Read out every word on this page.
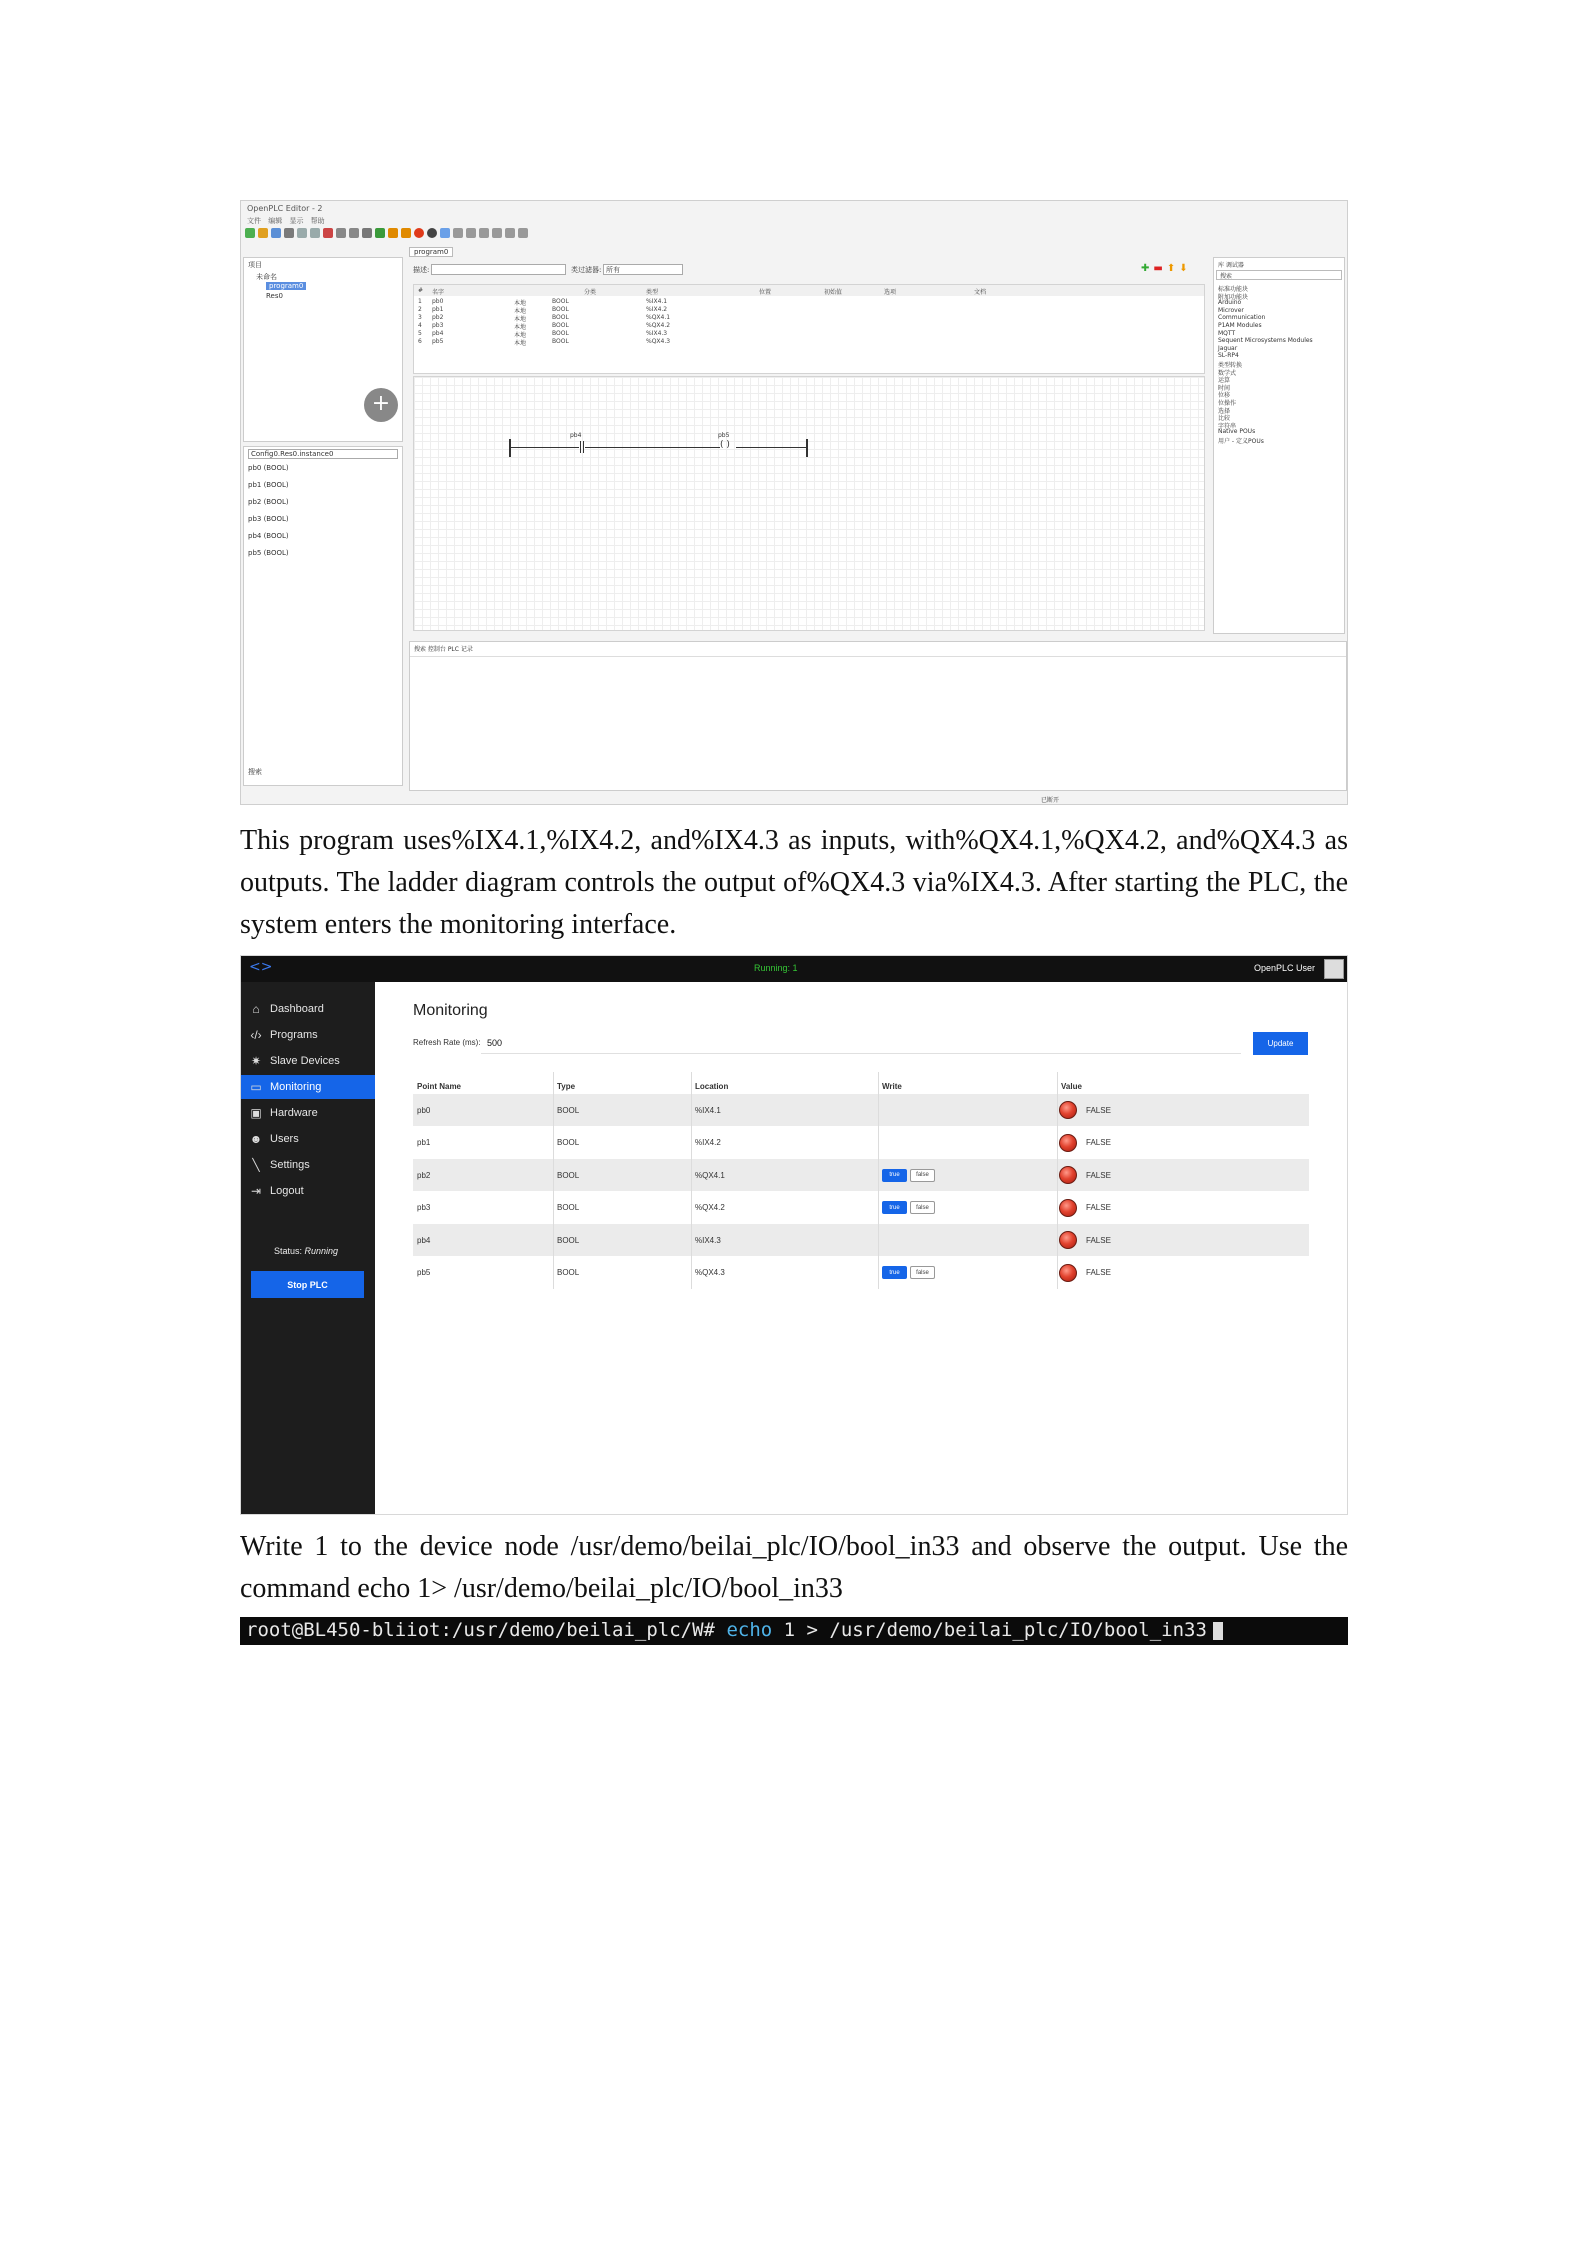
OpenPLC Editor - 2
文件 编辑 显示 帮助
项目
未命名
program0
Res0
+
Config0.Res0.instance0
pb0 (BOOL)
pb1 (BOOL)
pb2 (BOOL)
pb3 (BOOL)
pb4 (BOOL)
pb5 (BOOL)
搜索
program0
描述:	类过滤器: 所有	✚▬⬆⬇
# 名字	分类	类型	位置	初始值	选项	文档
1 pb0	本地	BOOL	%IX4.1
2 pb1	本地	BOOL	%IX4.2
3 pb2	本地	BOOL	%QX4.1
4 pb3	本地	BOOL	%QX4.2
5 pb4	本地	BOOL	%IX4.3
6 pb5	本地	BOOL	%QX4.3
pb4
( )
pb5
搜索 控制台 PLC 记录
已断开
库 调试器
搜索
标准功能块
附加功能块
Arduino
Microver
Communication
P1AM Modules
MQTT
Sequent Microsystems Modules
Jaguar
SL-RP4
类型转换
数学式
运算
时间
位移
位操作
选择
比较
字符串
Native POUs
用户 - 定义POUs

This program uses%IX4.1,%IX4.2, and%IX4.3 as inputs, with%QX4.1,%QX4.2, and%QX4.3 as outputs. The ladder diagram controls the output of%QX4.3 via%IX4.3. After starting the PLC, the system enters the monitoring interface.

<>	Running: 1	OpenPLC User
Status: Running
Stop PLC
⌂ Dashboard
‹/› Programs
✷ Slave Devices
▭ Monitoring
▣ Hardware
☻ Users
╲ Settings
⇥ Logout
Monitoring
Refresh Rate (ms): 500	Update
Point Name	Type	Location	Write	Value
pb0	BOOL	%IX4.1	FALSE
pb1	BOOL	%IX4.2	FALSE
pb2	BOOL	%QX4.1	true	false	FALSE
pb3	BOOL	%QX4.2	true	false	FALSE
pb4	BOOL	%IX4.3	FALSE
pb5	BOOL	%QX4.3	true	false	FALSE

Write 1 to the device node /usr/demo/beilai_plc/IO/bool_in33 and observe the output. Use the command echo 1> /usr/demo/beilai_plc/IO/bool_in33

root@BL450-bliiot:/usr/demo/beilai_plc/W# echo 1 > /usr/demo/beilai_plc/IO/bool_in33
